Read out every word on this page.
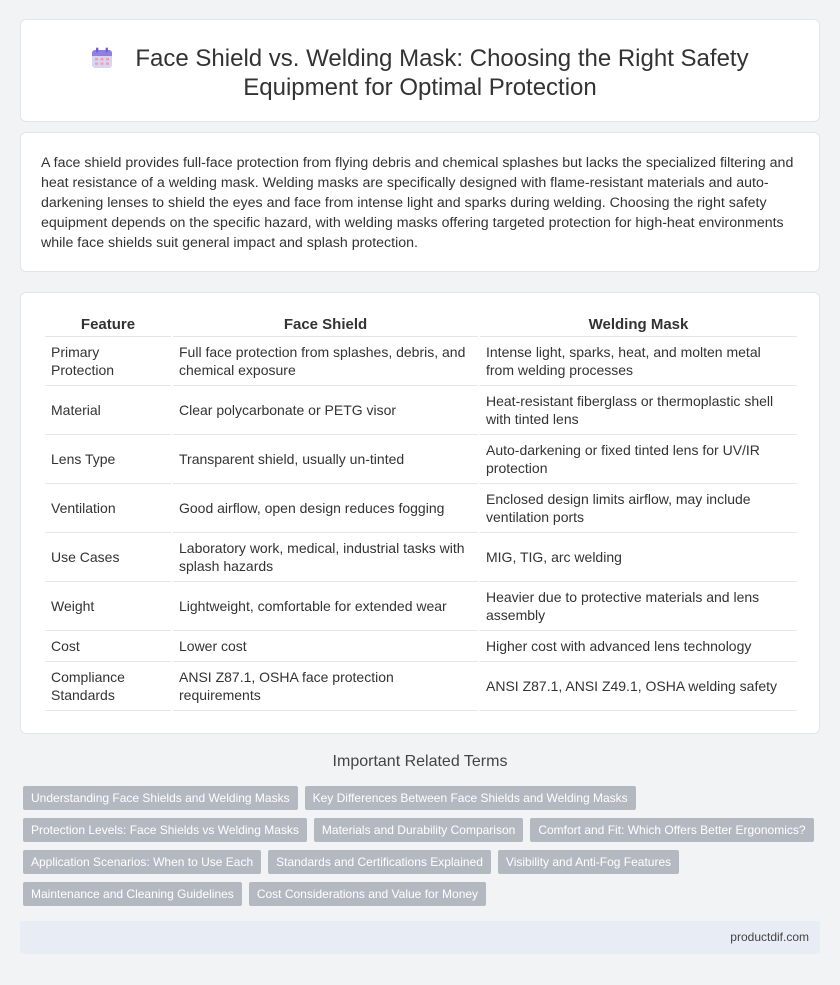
Face Shield vs. Welding Mask: Choosing the Right Safety
Equipment for Optimal Protection

A face shield provides full-face protection from flying debris and chemical splashes but lacks the specialized filtering and heat resistance of a welding mask. Welding masks are specifically designed with flame-resistant materials and auto-darkening lenses to shield the eyes and face from intense light and sparks during welding. Choosing the right safety equipment depends on the specific hazard, with welding masks offering targeted protection for high-heat environments while face shields suit general impact and splash protection.

Feature	Face Shield	Welding Mask
Primary Protection	Full face protection from splashes, debris, and chemical exposure	Intense light, sparks, heat, and molten metal from welding processes
Material	Clear polycarbonate or PETG visor	Heat-resistant fiberglass or thermoplastic shell with tinted lens
Lens Type	Transparent shield, usually un-tinted	Auto-darkening or fixed tinted lens for UV/IR protection
Ventilation	Good airflow, open design reduces fogging	Enclosed design limits airflow, may include ventilation ports
Use Cases	Laboratory work, medical, industrial tasks with splash hazards	MIG, TIG, arc welding
Weight	Lightweight, comfortable for extended wear	Heavier due to protective materials and lens assembly
Cost	Lower cost	Higher cost with advanced lens technology
Compliance Standards	ANSI Z87.1, OSHA face protection requirements	ANSI Z87.1, ANSI Z49.1, OSHA welding safety
Important Related Terms
Understanding Face Shields and Welding Masks	Key Differences Between Face Shields and Welding Masks
Protection Levels: Face Shields vs Welding Masks	Materials and Durability Comparison	Comfort and Fit: Which Offers Better Ergonomics?
Application Scenarios: When to Use Each	Standards and Certifications Explained	Visibility and Anti-Fog Features
Maintenance and Cleaning Guidelines	Cost Considerations and Value for Money
productdif.com
